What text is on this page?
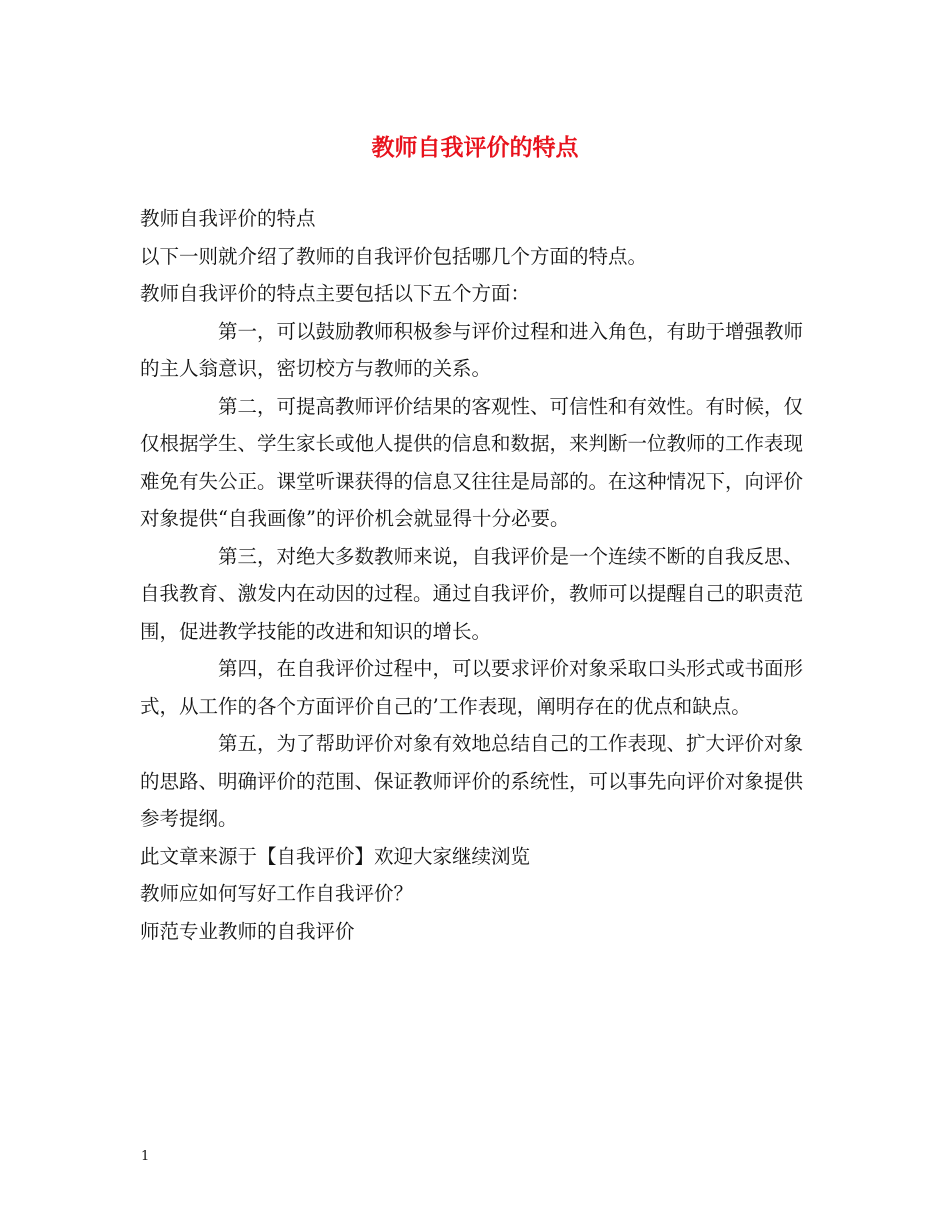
教师自我评价的特点

教师自我评价的特点

以下一则就介绍了教师的自我评价包括哪几个方面的特点。

教师自我评价的特点主要包括以下五个方面：

第一，可以鼓励教师积极参与评价过程和进入角色，有助于增强教师的主人翁意识，密切校方与教师的关系。

第二，可提高教师评价结果的客观性、可信性和有效性。有时候，仅仅根据学生、学生家长或他人提供的信息和数据，来判断一位教师的工作表现难免有失公正。课堂听课获得的信息又往往是局部的。在这种情况下，向评价对象提供“自我画像”的评价机会就显得十分必要。

第三，对绝大多数教师来说，自我评价是一个连续不断的自我反思、自我教育、激发内在动因的过程。通过自我评价，教师可以提醒自己的职责范围，促进教学技能的改进和知识的增长。

第四，在自我评价过程中，可以要求评价对象采取口头形式或书面形式，从工作的各个方面评价自己的’工作表现，阐明存在的优点和缺点。

第五，为了帮助评价对象有效地总结自己的工作表现、扩大评价对象的思路、明确评价的范围、保证教师评价的系统性，可以事先向评价对象提供参考提纲。

此文章来源于【自我评价】欢迎大家继续浏览

教师应如何写好工作自我评价？

师范专业教师的自我评价

1
